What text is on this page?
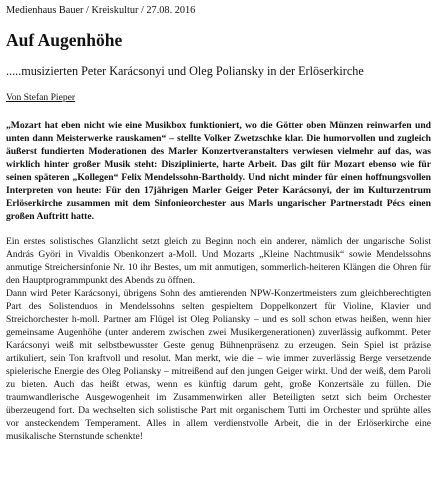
Medienhaus Bauer / Kreiskultur / 27.08. 2016

Auf Augenhöhe

.....musizierten Peter Karácsonyi und Oleg Poliansky in der Erlöserkirche

Von Stefan Pieper

„Mozart hat eben nicht wie eine Musikbox funktioniert, wo die Götter oben Münzen reinwarfen und unten dann Meisterwerke rauskamen“ – stellte Volker Zwetzschke klar. Die humorvollen und zugleich äußerst fundierten Moderationen des Marler Konzertveranstalters verwiesen vielmehr auf das, was wirklich hinter großer Musik steht: Disziplinierte, harte Arbeit. Das gilt für Mozart ebenso wie für seinen späteren „Kollegen“ Felix Mendelssohn-Bartholdy. Und nicht minder für einen hoffnungsvollen Interpreten von heute: Für den 17jährigen Marler Geiger Peter Karácsonyi, der im Kulturzentrum Erlöserkirche zusammen mit dem Sinfonieorchester aus Marls ungarischer Partnerstadt Pécs einen großen Auftritt hatte.

Ein erstes solistisches Glanzlicht setzt gleich zu Beginn noch ein anderer, nämlich der ungarische Solist András Györi in Vivaldis Obenkonzert a-Moll. Und Mozarts „Kleine Nachtmusik“ sowie Mendelssohns anmutige Streichersinfonie Nr. 10 ihr Bestes, um mit anmutigen, sommerlich-heiteren Klängen die Ohren für den Hauptprogrammpunkt des Abends zu öffnen.

Dann wird Peter Karácsonyi, übrigens Sohn des amtierenden NPW-Konzertmeisters zum gleichberechtigten Part des Solistenduos in Mendelssohns selten gespieltem Doppelkonzert für Violine, Klavier und Streichorchester h-moll. Partner am Flügel ist Oleg Poliansky – und es soll schon etwas heißen, wenn hier gemeinsame Augenhöhe (unter anderem zwischen zwei Musikergenerationen) zuverlässig aufkommt. Peter Karácsonyi weiß mit selbstbewusster Geste genug Bühnenpräsenz zu erzeugen. Sein Spiel ist präzise artikuliert, sein Ton kraftvoll und resolut. Man merkt, wie die – wie immer zuverlässig Berge versetzende spielerische Energie des Oleg Poliansky – mitreißend auf den jungen Geiger wirkt. Und der weiß, dem Paroli zu bieten. Auch das heißt etwas, wenn es künftig darum geht, große Konzertsäle zu füllen. Die traumwandlerische Ausgewogenheit im Zusammenwirken aller Beteiligten setzt sich beim Orchester überzeugend fort. Da wechselten sich solistische Part mit organischem Tutti im Orchester und sprühte alles vor ansteckendem Temperament. Alles in allem verdienstvolle Arbeit, die in der Erlöserkirche eine musikalische Sternstunde schenkte!
